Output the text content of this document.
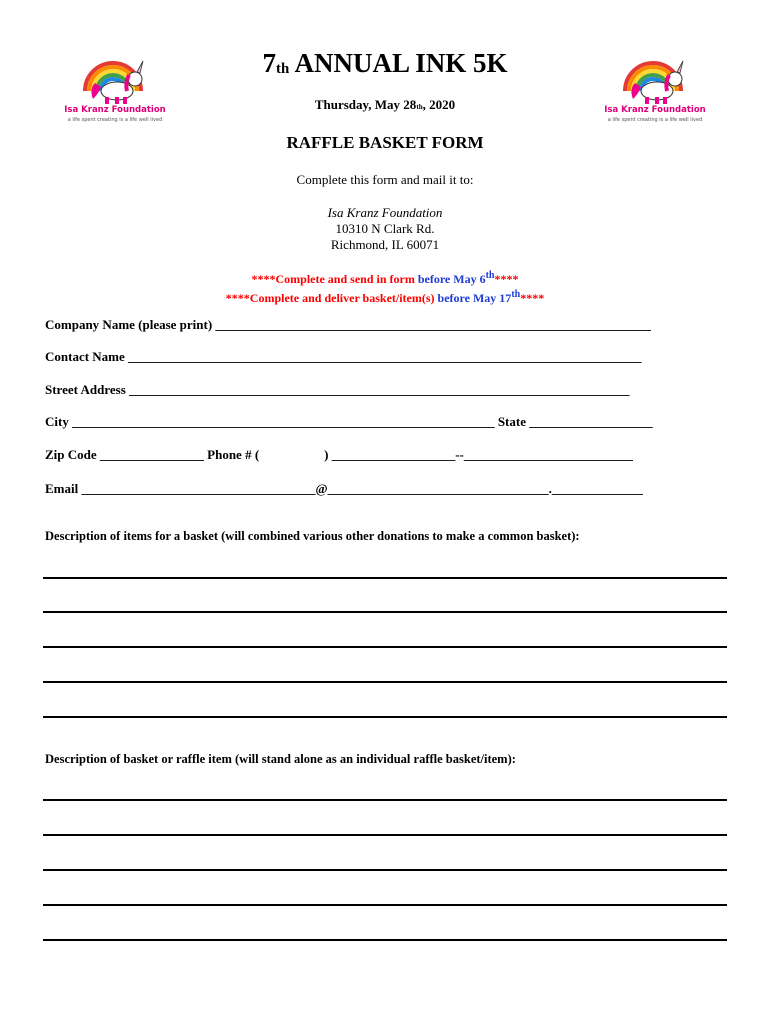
Isa Kranz Foundation
a life spent creating is a life well lived
Isa Kranz Foundation
a life spent creating is a life well lived
7th ANNUAL INK 5K
Thursday, May 28th, 2020
RAFFLE BASKET FORM
Complete this form and mail it to:
Isa Kranz Foundation
10310 N Clark Rd.
Richmond, IL 60071
****Complete and send in form before May 6th****
****Complete and deliver basket/item(s) before May 17th****
Company Name (please print) ___________________________________________________________________
Contact Name _______________________________________________________________________________
Street Address _____________________________________________________________________________
City _________________________________________________________________ State ___________________
Zip Code ________________ Phone # (                    ) ___________________--__________________________
Email ____________________________________@__________________________________.______________
Description of items for a basket (will combined various other donations to make a common basket):
Description of basket or raffle item (will stand alone as an individual raffle basket/item):
